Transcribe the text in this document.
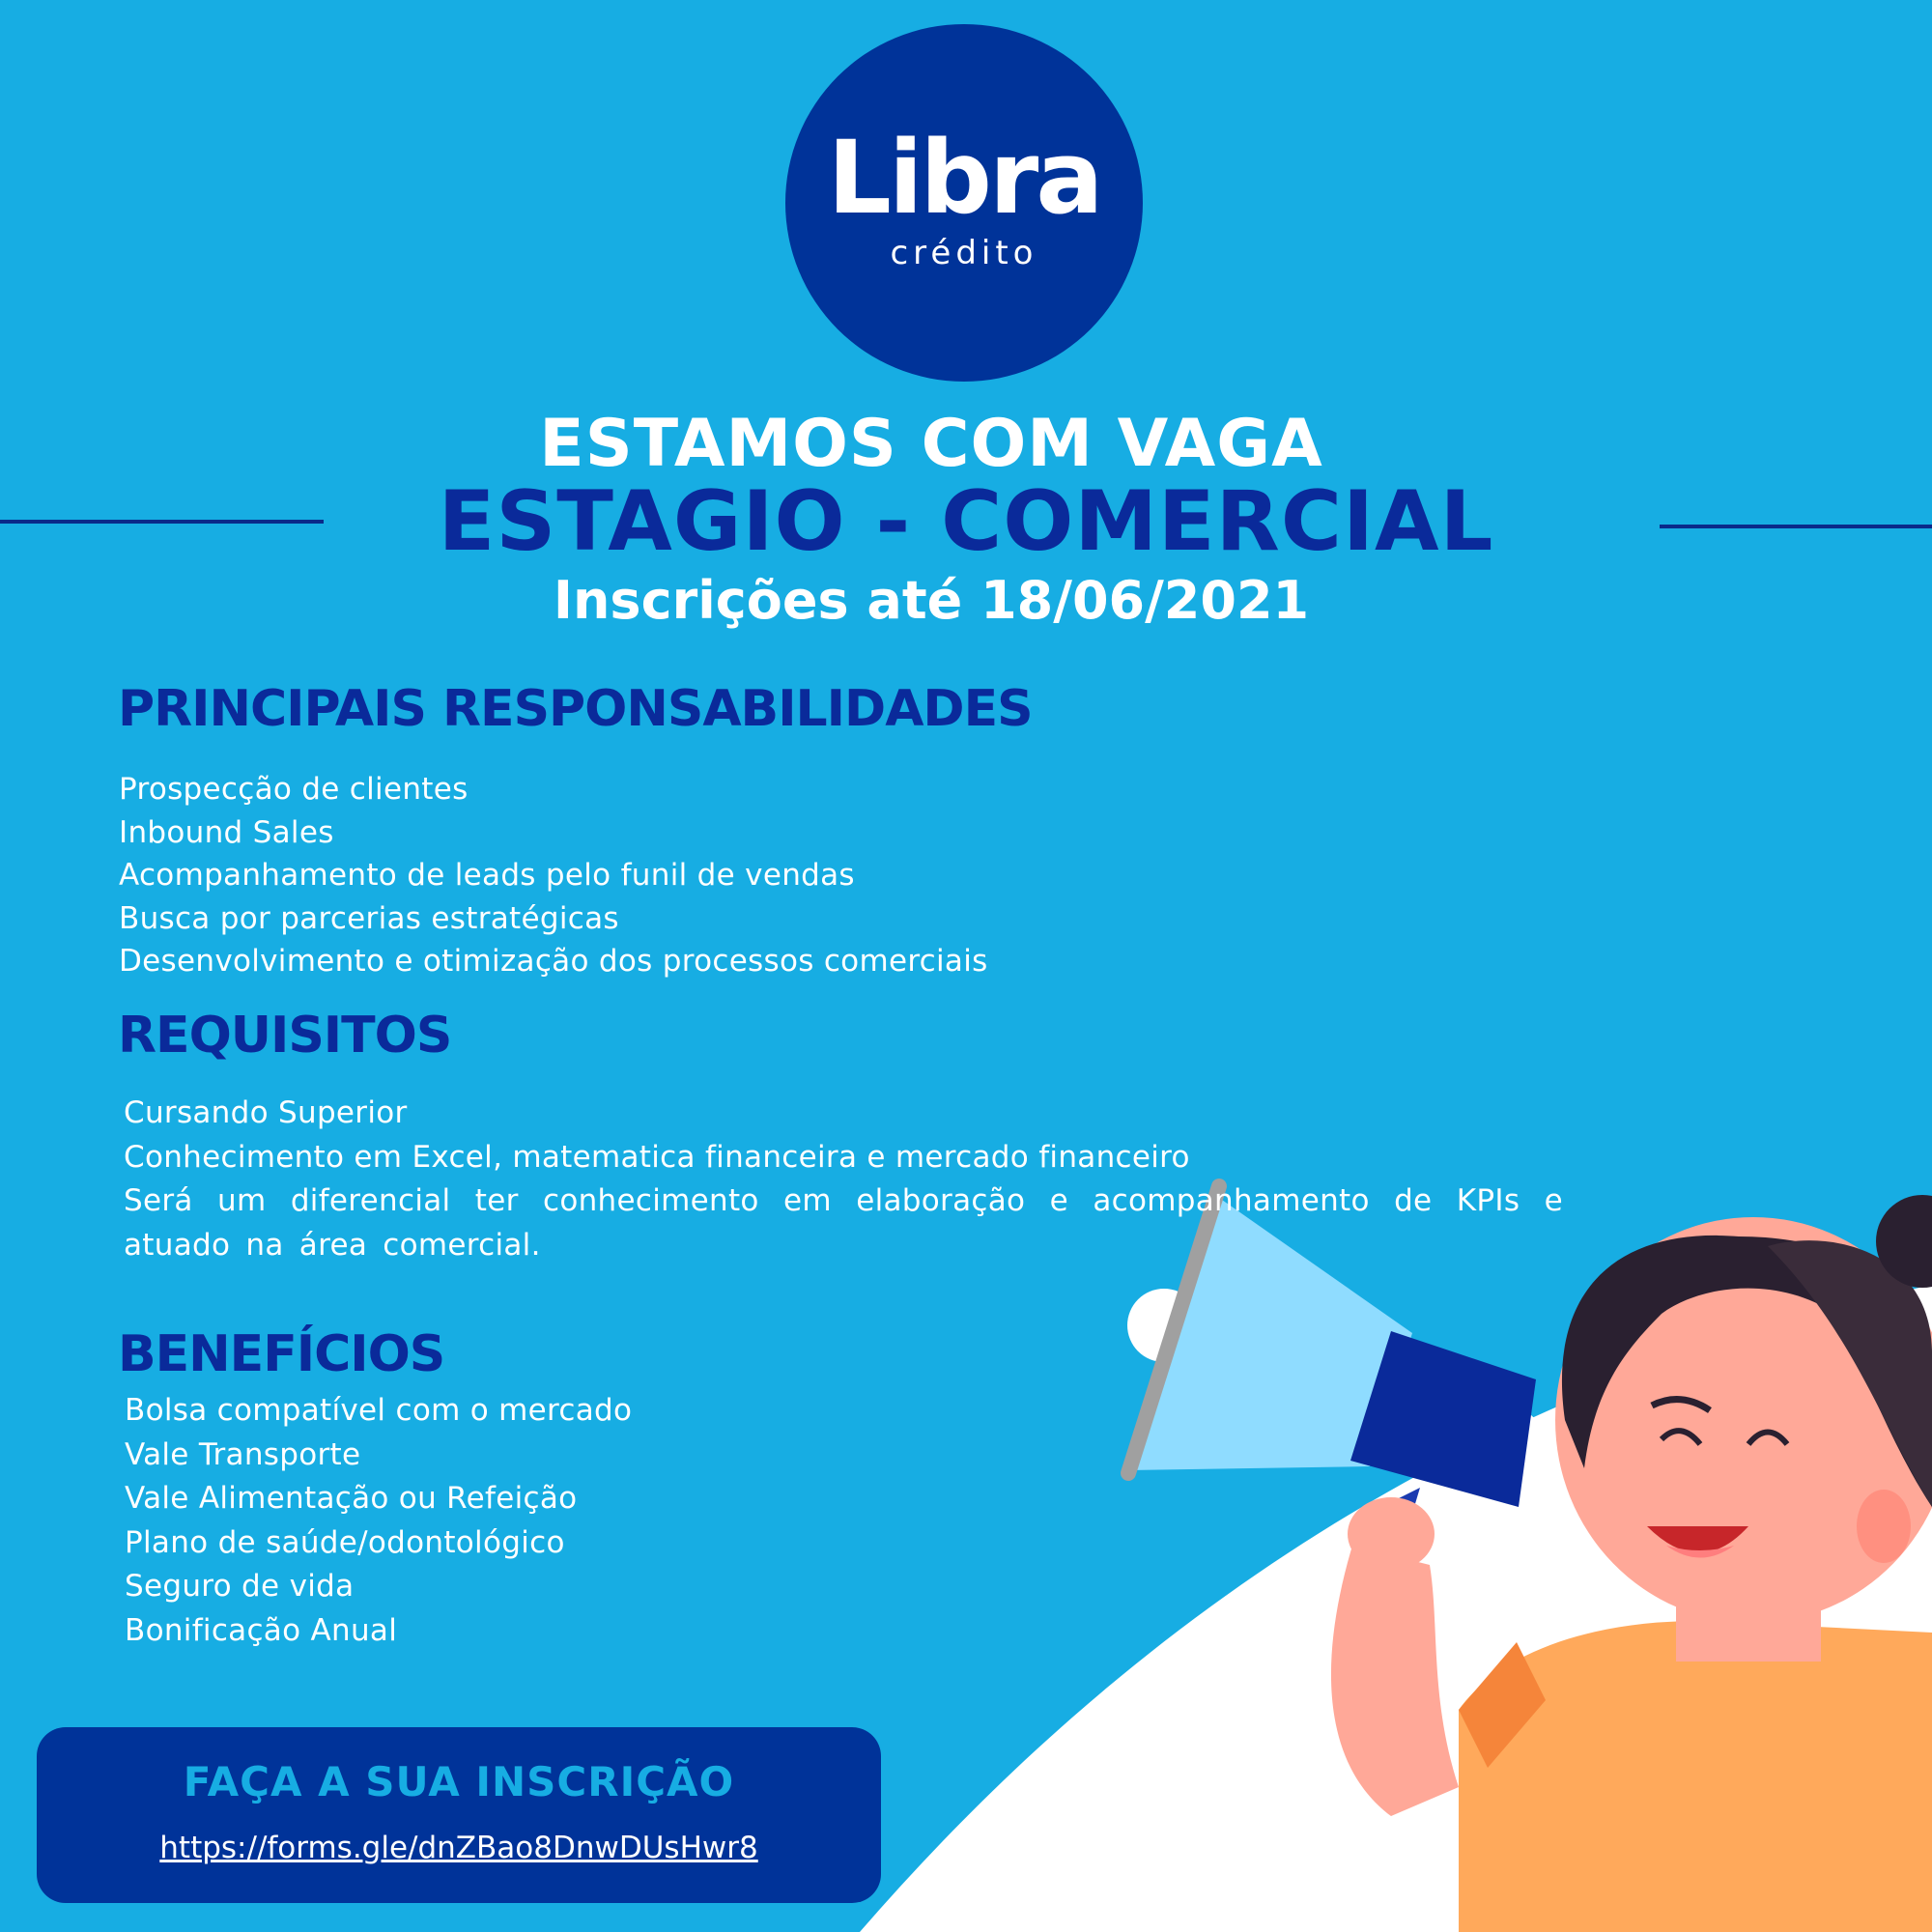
Libra
crédito
ESTAMOS COM VAGA
ESTAGIO - COMERCIAL
Inscrições até 18/06/2021
PRINCIPAIS RESPONSABILIDADES
Prospecção de clientes
Inbound Sales
Acompanhamento de leads pelo funil de vendas
Busca por parcerias estratégicas
Desenvolvimento e otimização dos processos comerciais
REQUISITOS
Cursando Superior
Conhecimento em Excel, matematica financeira e mercado financeiro
Será um diferencial ter conhecimento em elaboração e acompanhamento de KPIs e atuado na área comercial.
BENEFÍCIOS
Bolsa compatível com o mercado
Vale Transporte
Vale Alimentação ou Refeição
Plano de saúde/odontológico
Seguro de vida
Bonificação Anual
FAÇA A SUA INSCRIÇÃO
https://forms.gle/dnZBao8DnwDUsHwr8
